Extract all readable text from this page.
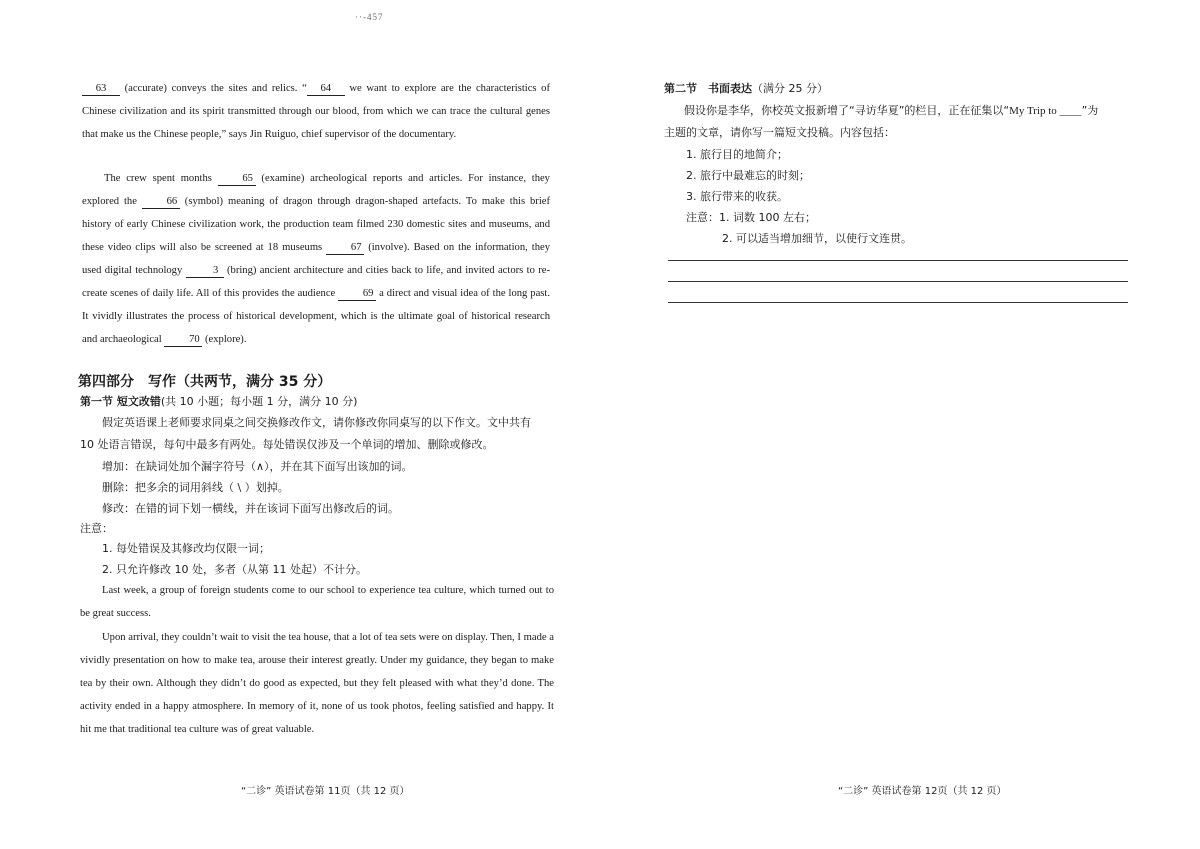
··-457

63 (accurate) conveys the sites and relics. “ 64 we want to explore are the characteristics of Chinese civilization and its spirit transmitted through our blood, from which we can trace the cultural genes that make us the Chinese people,” says Jin Ruiguo, chief supervisor of the documentary.

The crew spent months 65 (examine) archeological reports and articles. For instance, they explored the 66 (symbol) meaning of dragon through dragon-shaped artefacts. To make this brief history of early Chinese civilization work, the production team filmed 230 domestic sites and museums, and these video clips will also be screened at 18 museums 67 (involve). Based on the information, they used digital technology	3 (bring) ancient architecture and cities back to life, and invited actors to re-create scenes of daily life. All of this provides the audience 69 a direct and visual idea of the long past. It vividly illustrates the process of historical development, which is the ultimate goal of historical research and archaeological 70 (explore).

第四部分　写作（共两节，满分 35 分）

第一节 短文改错(共 10 小题；每小题 1 分，满分 10 分)

假定英语课上老师要求同桌之间交换修改作文，请你修改你同桌写的以下作文。文中共有

10 处语言错误，每句中最多有两处。每处错误仅涉及一个单词的增加、删除或修改。

增加：在缺词处加个漏字符号（∧），并在其下面写出该加的词。

删除：把多余的词用斜线（ \ ）划掉。

修改：在错的词下划一横线，并在该词下面写出修改后的词。

注意：

1. 每处错误及其修改均仅限一词；

2. 只允许修改 10 处，多者（从第 11 处起）不计分。

Last week, a group of foreign students come to our school to experience tea culture, which turned out to be great success.

Upon arrival, they couldn’t wait to visit the tea house, that a lot of tea sets were on display. Then, I made a vividly presentation on how to make tea, arouse their interest greatly. Under my guidance, they began to make tea by their own. Although they didn’t do good as expected, but they felt pleased with what they’d done. The activity ended in a happy atmosphere. In memory of it, none of us took photos, feeling satisfied and happy. It hit me that traditional tea culture was of great valuable.

“二诊” 英语试卷第 11页（共 12 页）

第二节　书面表达（满分 25 分）

假设你是李华，你校英文报新增了“寻访华夏”的栏目，正在征集以“My Trip to ____”为

主题的文章，请你写一篇短文投稿。内容包括：

1. 旅行目的地简介；

2. 旅行中最难忘的时刻；

3. 旅行带来的收获。

注意：1. 词数 100 左右；

2. 可以适当增加细节，以使行文连贯。

“二诊” 英语试卷第 12页（共 12 页）
